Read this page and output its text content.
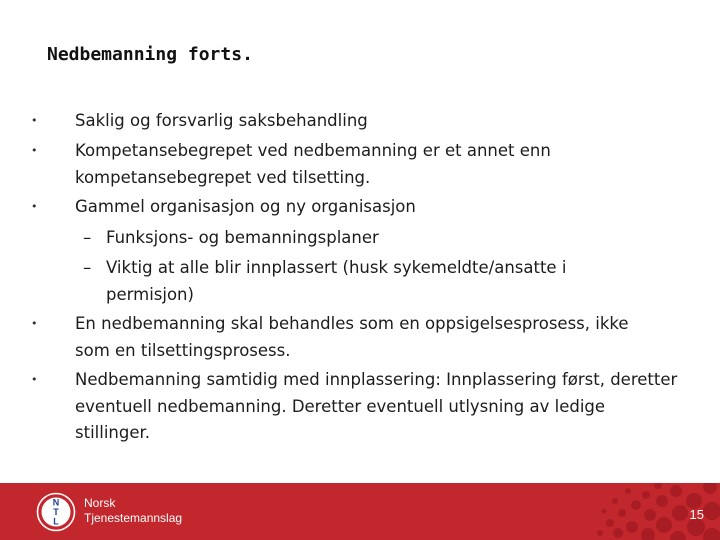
Nedbemanning forts.
• Saklig og forsvarlig saksbehandling
• Kompetansebegrepet ved nedbemanning er et annet enn kompetansebegrepet ved tilsetting.
• Gammel organisasjon og ny organisasjon
– Funksjons- og bemanningsplaner
– Viktig at alle blir innplassert (husk sykemeldte/ansatte i permisjon)
• En nedbemanning skal behandles som en oppsigelsesprosess, ikke som en tilsettingsprosess.
• Nedbemanning samtidig med innplassering: Innplassering først, deretter eventuell nedbemanning. Deretter eventuell utlysning av ledige stillinger.
N
T
L
Norsk
Tjenestemannslag	15
